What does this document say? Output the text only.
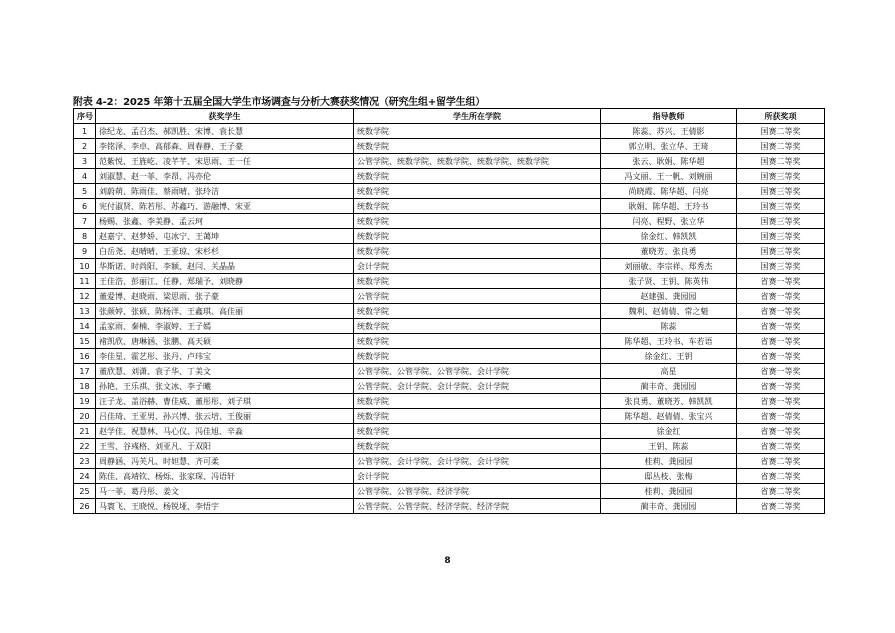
附表 4-2：2025 年第十五届全国大学生市场调查与分析大赛获奖情况（研究生组+留学生组）
序号	获奖学生	学生所在学院	指导教师	所获奖项
1	徐纪龙、孟召杰、郝凯胜、宋博、袁长慧	统数学院	陈蕊、苏兴、王倩影	国赛二等奖
2	李铭泽、李卓、高郁森、周春静、王子豪	统数学院	郭立明、张立华、王琦	国赛二等奖
3	范紫悦、王旌屹、凌芊芊、宋思雨、王一任	公管学院、统数学院、统数学院、统数学院、统数学院	张云、耿娟、陈华超	国赛二等奖
4	刘淑慧、赵一菲、李昂、冯亦伦	统数学院	冯文丽、王一帆、刘婉丽	国赛三等奖
5	刘蔚萌、陈雨佳、蔡雨晴、张玲洁	统数学院	尚晓霞、陈华超、闫亮	国赛三等奖
6	宪付淑贤、陈若彤、苏鑫巧、游融博、宋亚	统数学院	耿娟、陈华超、王玲书	国赛三等奖
7	杨赐、张鑫、李美静、孟云珂	统数学院	闫亮、程野、张立华	国赛三等奖
8	赵嘉宁、赵梦娇、屯冰宁、王蔼坤	统数学院	徐金红、韩凯凯	国赛三等奖
9	白岳尧、赵晴晴、王亚琼、宋杉杉	统数学院	董晓芳、张良勇	国赛三等奖
10	华斯诺、时尚阳、李颖、赵闫、关晶晶	会计学院	刘丽敏、李宗祥、郑秀杰	国赛三等奖
11	王佳浩、彭丽江、任静、郑瑞予、刘晓静	统数学院	张子贤、王钥、陈英伟	省赛一等奖
12	董爱博、赵晓雨、梁思雨、张子豪	公管学院	赵建强、龚园园	省赛一等奖
13	张颜婷、张硕、陈杨洋、王鑫琪、高佳丽	统数学院	魏利、赵倩倩、常之魁	省赛一等奖
14	孟家雨、秦楠、李淑婷、王子嫣	统数学院	陈蕊	省赛一等奖
15	褚凯欣、唐琳涵、张鹏、高天硕	统数学院	陈华超、王玲书、车若语	省赛一等奖
16	李佳星、霍艺彤、张丹、卢玮宝	统数学院	徐金红、王钥	省赛一等奖
17	董欣慧、刘潇、袁子华、丁美文	公管学院、公管学院、公管学院、会计学院	高星	省赛一等奖
18	孙艳、王乐祺、张文冰、李子曦	公管学院、会计学院、会计学院、会计学院	蔺丰奇、龚园园	省赛一等奖
19	汪子龙、盖浴赫、曹佳威、董彤彤、刘子琪	统数学院	张良勇、董晓芳、韩凯凯	省赛一等奖
20	吕佳琦、王亚男、孙兴博、张云培、王俊丽	统数学院	陈华超、赵倩倩、张宝兴	省赛一等奖
21	赵学佳、祝慧林、马心仪、冯佳旭、辛淼	统数学院	徐金红	省赛一等奖
22	王雪、谷彧格、刘亚凡、于双阳	统数学院	王钥、陈蕊	省赛二等奖
23	周静涵、冯芙凡、时妲慧、齐可柔	公管学院、会计学院、会计学院、会计学院	桂莉、龚园园	省赛二等奖
24	陈佳、高靖钦、杨烁、张家琛、冯语轩	会计学院	邸丛枝、张梅	省赛二等奖
25	马一菲、葛丹彤、姜文	公管学院、公管学院、经济学院	桂莉、龚园园	省赛二等奖
26	马寰飞、王晓悦、杨锐垭、李悟宇	公管学院、公管学院、经济学院、经济学院	蔺丰奇、龚园园	省赛二等奖
8
